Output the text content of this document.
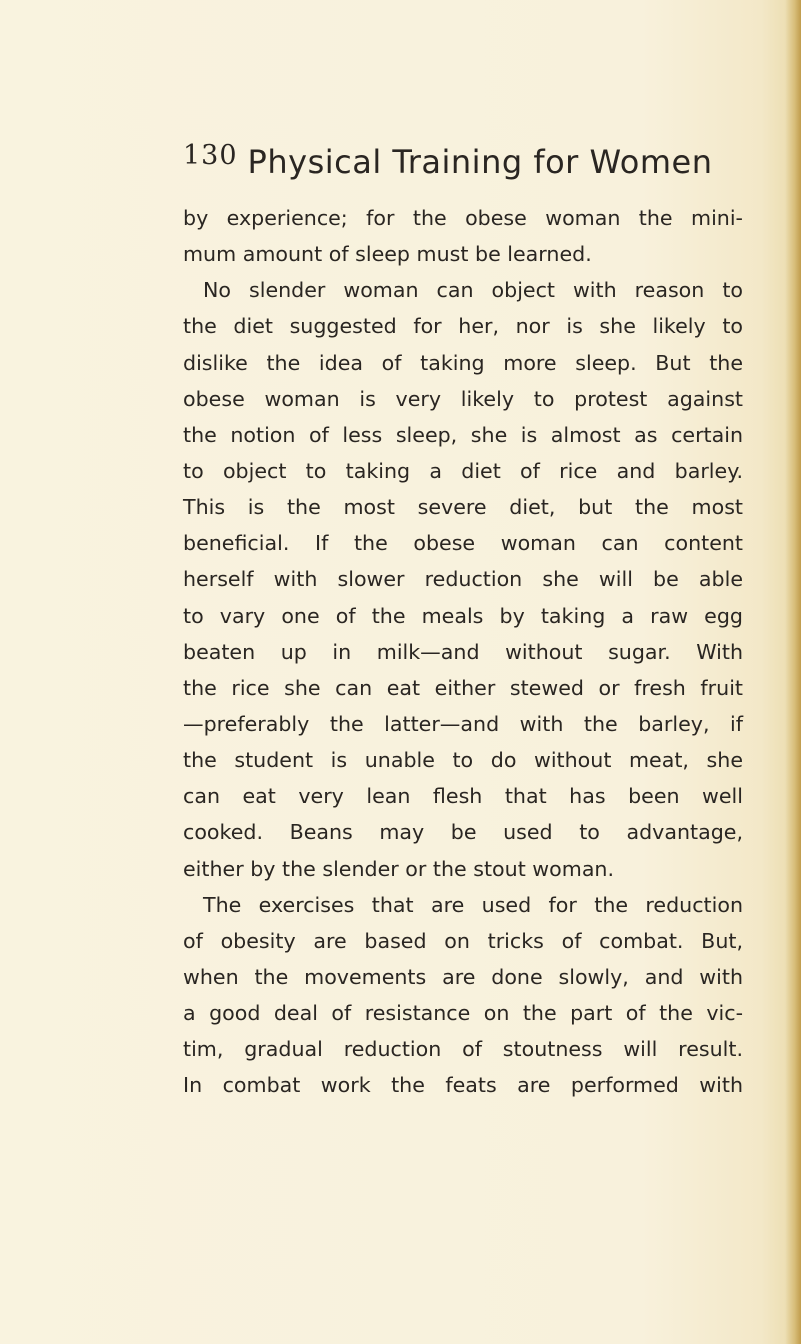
130 Physical Training for Women
by experience; for the obese woman the mini-
mum amount of sleep must be learned.
No slender woman can object with reason to
the diet suggested for her, nor is she likely to
dislike the idea of taking more sleep. But the
obese woman is very likely to protest against
the notion of less sleep, she is almost as certain
to object to taking a diet of rice and barley.
This is the most severe diet, but the most
beneficial. If the obese woman can content
herself with slower reduction she will be able
to vary one of the meals by taking a raw egg
beaten up in milk—and without sugar. With
the rice she can eat either stewed or fresh fruit
—preferably the latter—and with the barley, if
the student is unable to do without meat, she
can eat very lean flesh that has been well
cooked. Beans may be used to advantage,
either by the slender or the stout woman.
The exercises that are used for the reduction
of obesity are based on tricks of combat. But,
when the movements are done slowly, and with
a good deal of resistance on the part of the vic-
tim, gradual reduction of stoutness will result.
In combat work the feats are performed with
